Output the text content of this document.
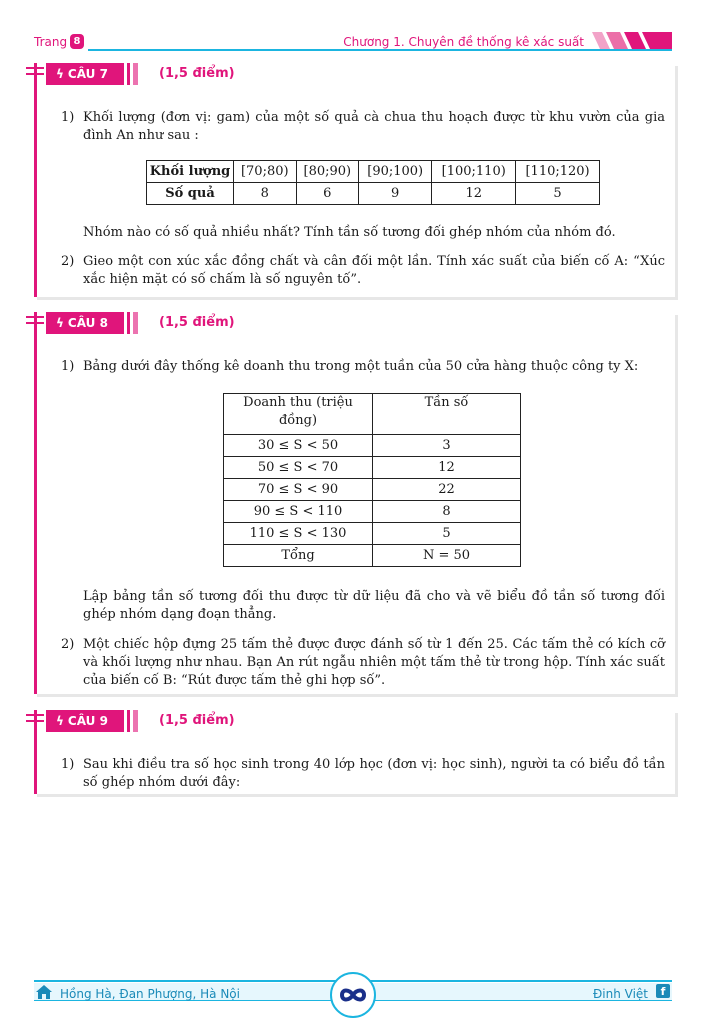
Trang 8	Chương 1. Chuyên đề thống kê xác suất
ϟ CÂU 7	(1,5 điểm)
1) Khối lượng (đơn vị: gam) của một số quả cà chua thu hoạch được từ khu vườn của gia đình An như sau :
Khối lượng	[70;80)	[80;90)	[90;100)	[100;110)	[110;120)
Số quả	8	6	9	12	5
Nhóm nào có số quả nhiều nhất? Tính tần số tương đối ghép nhóm của nhóm đó.
2) Gieo một con xúc xắc đồng chất và cân đối một lần. Tính xác suất của biến cố A: “Xúc xắc hiện mặt có số chấm là số nguyên tố”.
ϟ CÂU 8	(1,5 điểm)
1) Bảng dưới đây thống kê doanh thu trong một tuần của 50 cửa hàng thuộc công ty X:
Doanh thu (triệu đồng)	Tần số
30 ≤ S < 50	3
50 ≤ S < 70	12
70 ≤ S < 90	22
90 ≤ S < 110	8
110 ≤ S < 130	5
Tổng	N = 50
Lập bảng tần số tương đối thu được từ dữ liệu đã cho và vẽ biểu đồ tần số tương đối ghép nhóm dạng đoạn thẳng.
2) Một chiếc hộp đựng 25 tấm thẻ được được đánh số từ 1 đến 25. Các tấm thẻ có kích cỡ và khối lượng như nhau. Bạn An rút ngẫu nhiên một tấm thẻ từ trong hộp. Tính xác suất của biến cố B: “Rút được tấm thẻ ghi hợp số”.
ϟ CÂU 9	(1,5 điểm)
1) Sau khi điều tra số học sinh trong 40 lớp học (đơn vị: học sinh), người ta có biểu đồ tần số ghép nhóm dưới đây:
Hồng Hà, Đan Phượng, Hà Nội	Đinh Việt	f
